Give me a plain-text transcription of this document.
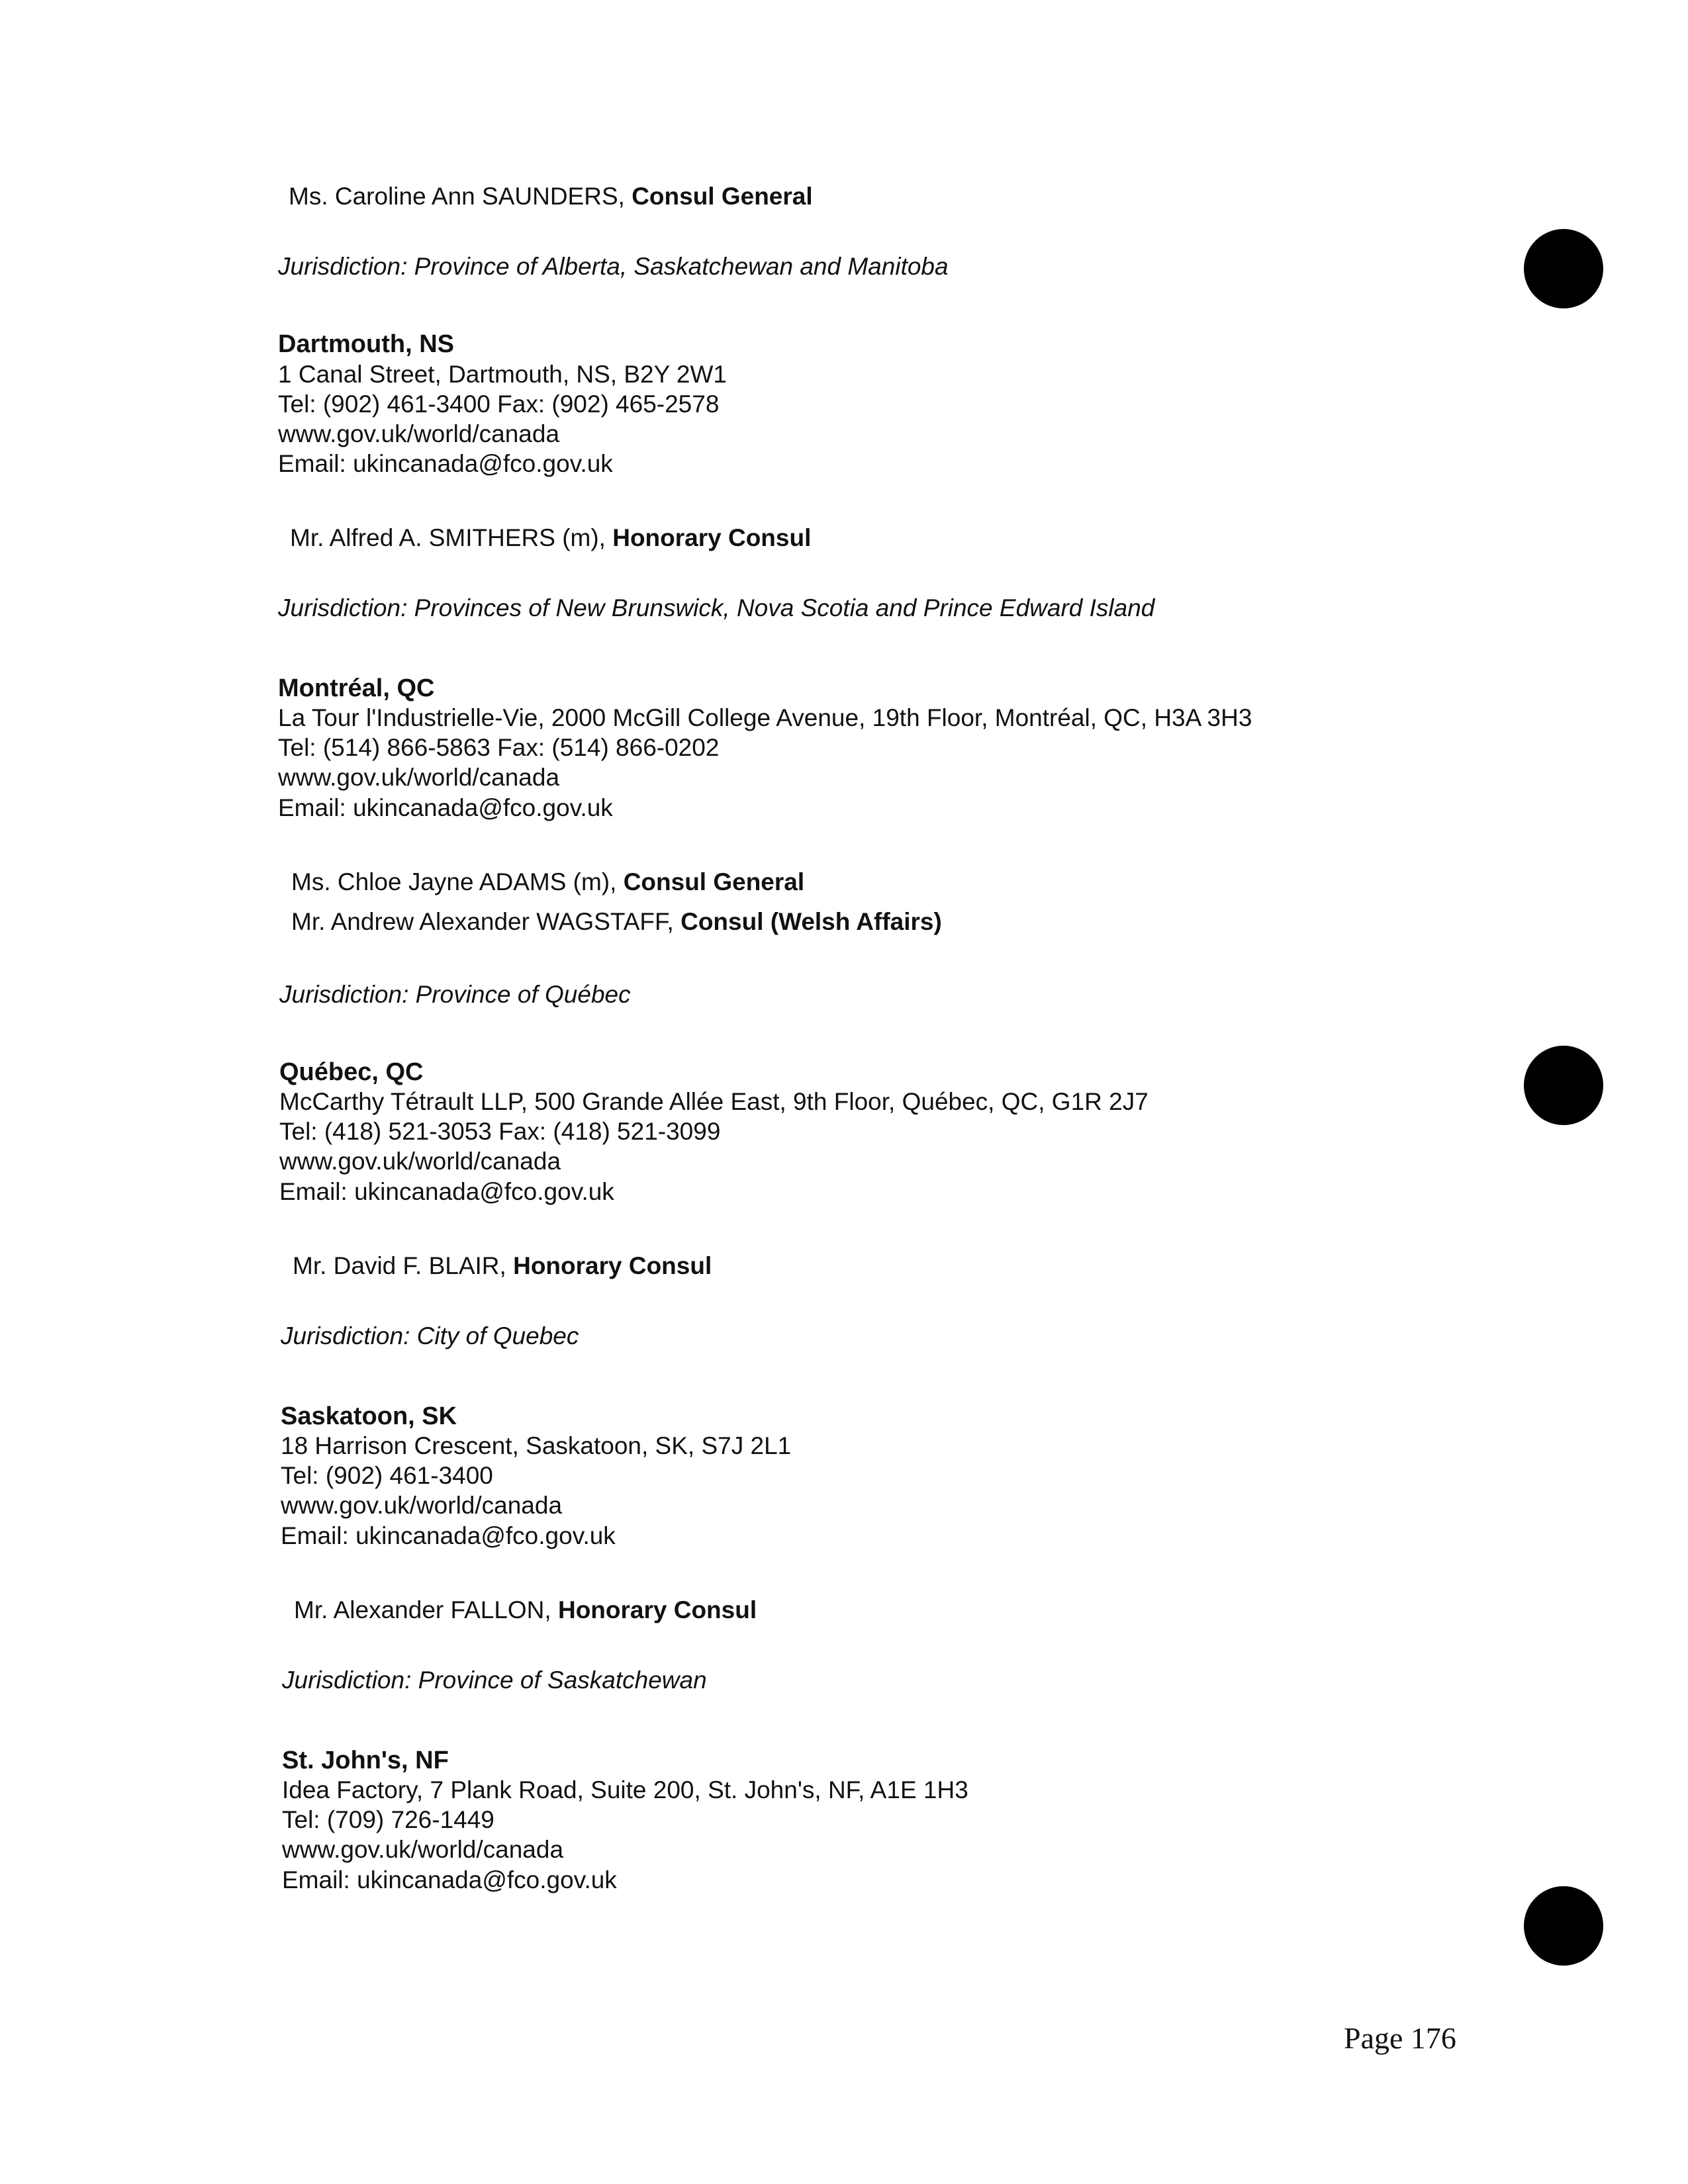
Ms. Caroline Ann SAUNDERS, Consul General
Jurisdiction: Province of Alberta, Saskatchewan and Manitoba
Dartmouth, NS
1 Canal Street, Dartmouth, NS, B2Y 2W1
Tel: (902) 461-3400 Fax: (902) 465-2578
www.gov.uk/world/canada
Email: ukincanada@fco.gov.uk
Mr. Alfred A. SMITHERS (m), Honorary Consul
Jurisdiction: Provinces of New Brunswick, Nova Scotia and Prince Edward Island
Montréal, QC
La Tour l'Industrielle-Vie, 2000 McGill College Avenue, 19th Floor, Montréal, QC, H3A 3H3
Tel: (514) 866-5863 Fax: (514) 866-0202
www.gov.uk/world/canada
Email: ukincanada@fco.gov.uk
Ms. Chloe Jayne ADAMS (m), Consul General
Mr. Andrew Alexander WAGSTAFF, Consul (Welsh Affairs)
Jurisdiction: Province of Québec
Québec, QC
McCarthy Tétrault LLP, 500 Grande Allée East, 9th Floor, Québec, QC, G1R 2J7
Tel: (418) 521-3053 Fax: (418) 521-3099
www.gov.uk/world/canada
Email: ukincanada@fco.gov.uk
Mr. David F. BLAIR, Honorary Consul
Jurisdiction: City of Quebec
Saskatoon, SK
18 Harrison Crescent, Saskatoon, SK, S7J 2L1
Tel: (902) 461-3400
www.gov.uk/world/canada
Email: ukincanada@fco.gov.uk
Mr. Alexander FALLON, Honorary Consul
Jurisdiction: Province of Saskatchewan
St. John's, NF
Idea Factory, 7 Plank Road, Suite 200, St. John's, NF, A1E 1H3
Tel: (709) 726-1449
www.gov.uk/world/canada
Email: ukincanada@fco.gov.uk
Page 176
